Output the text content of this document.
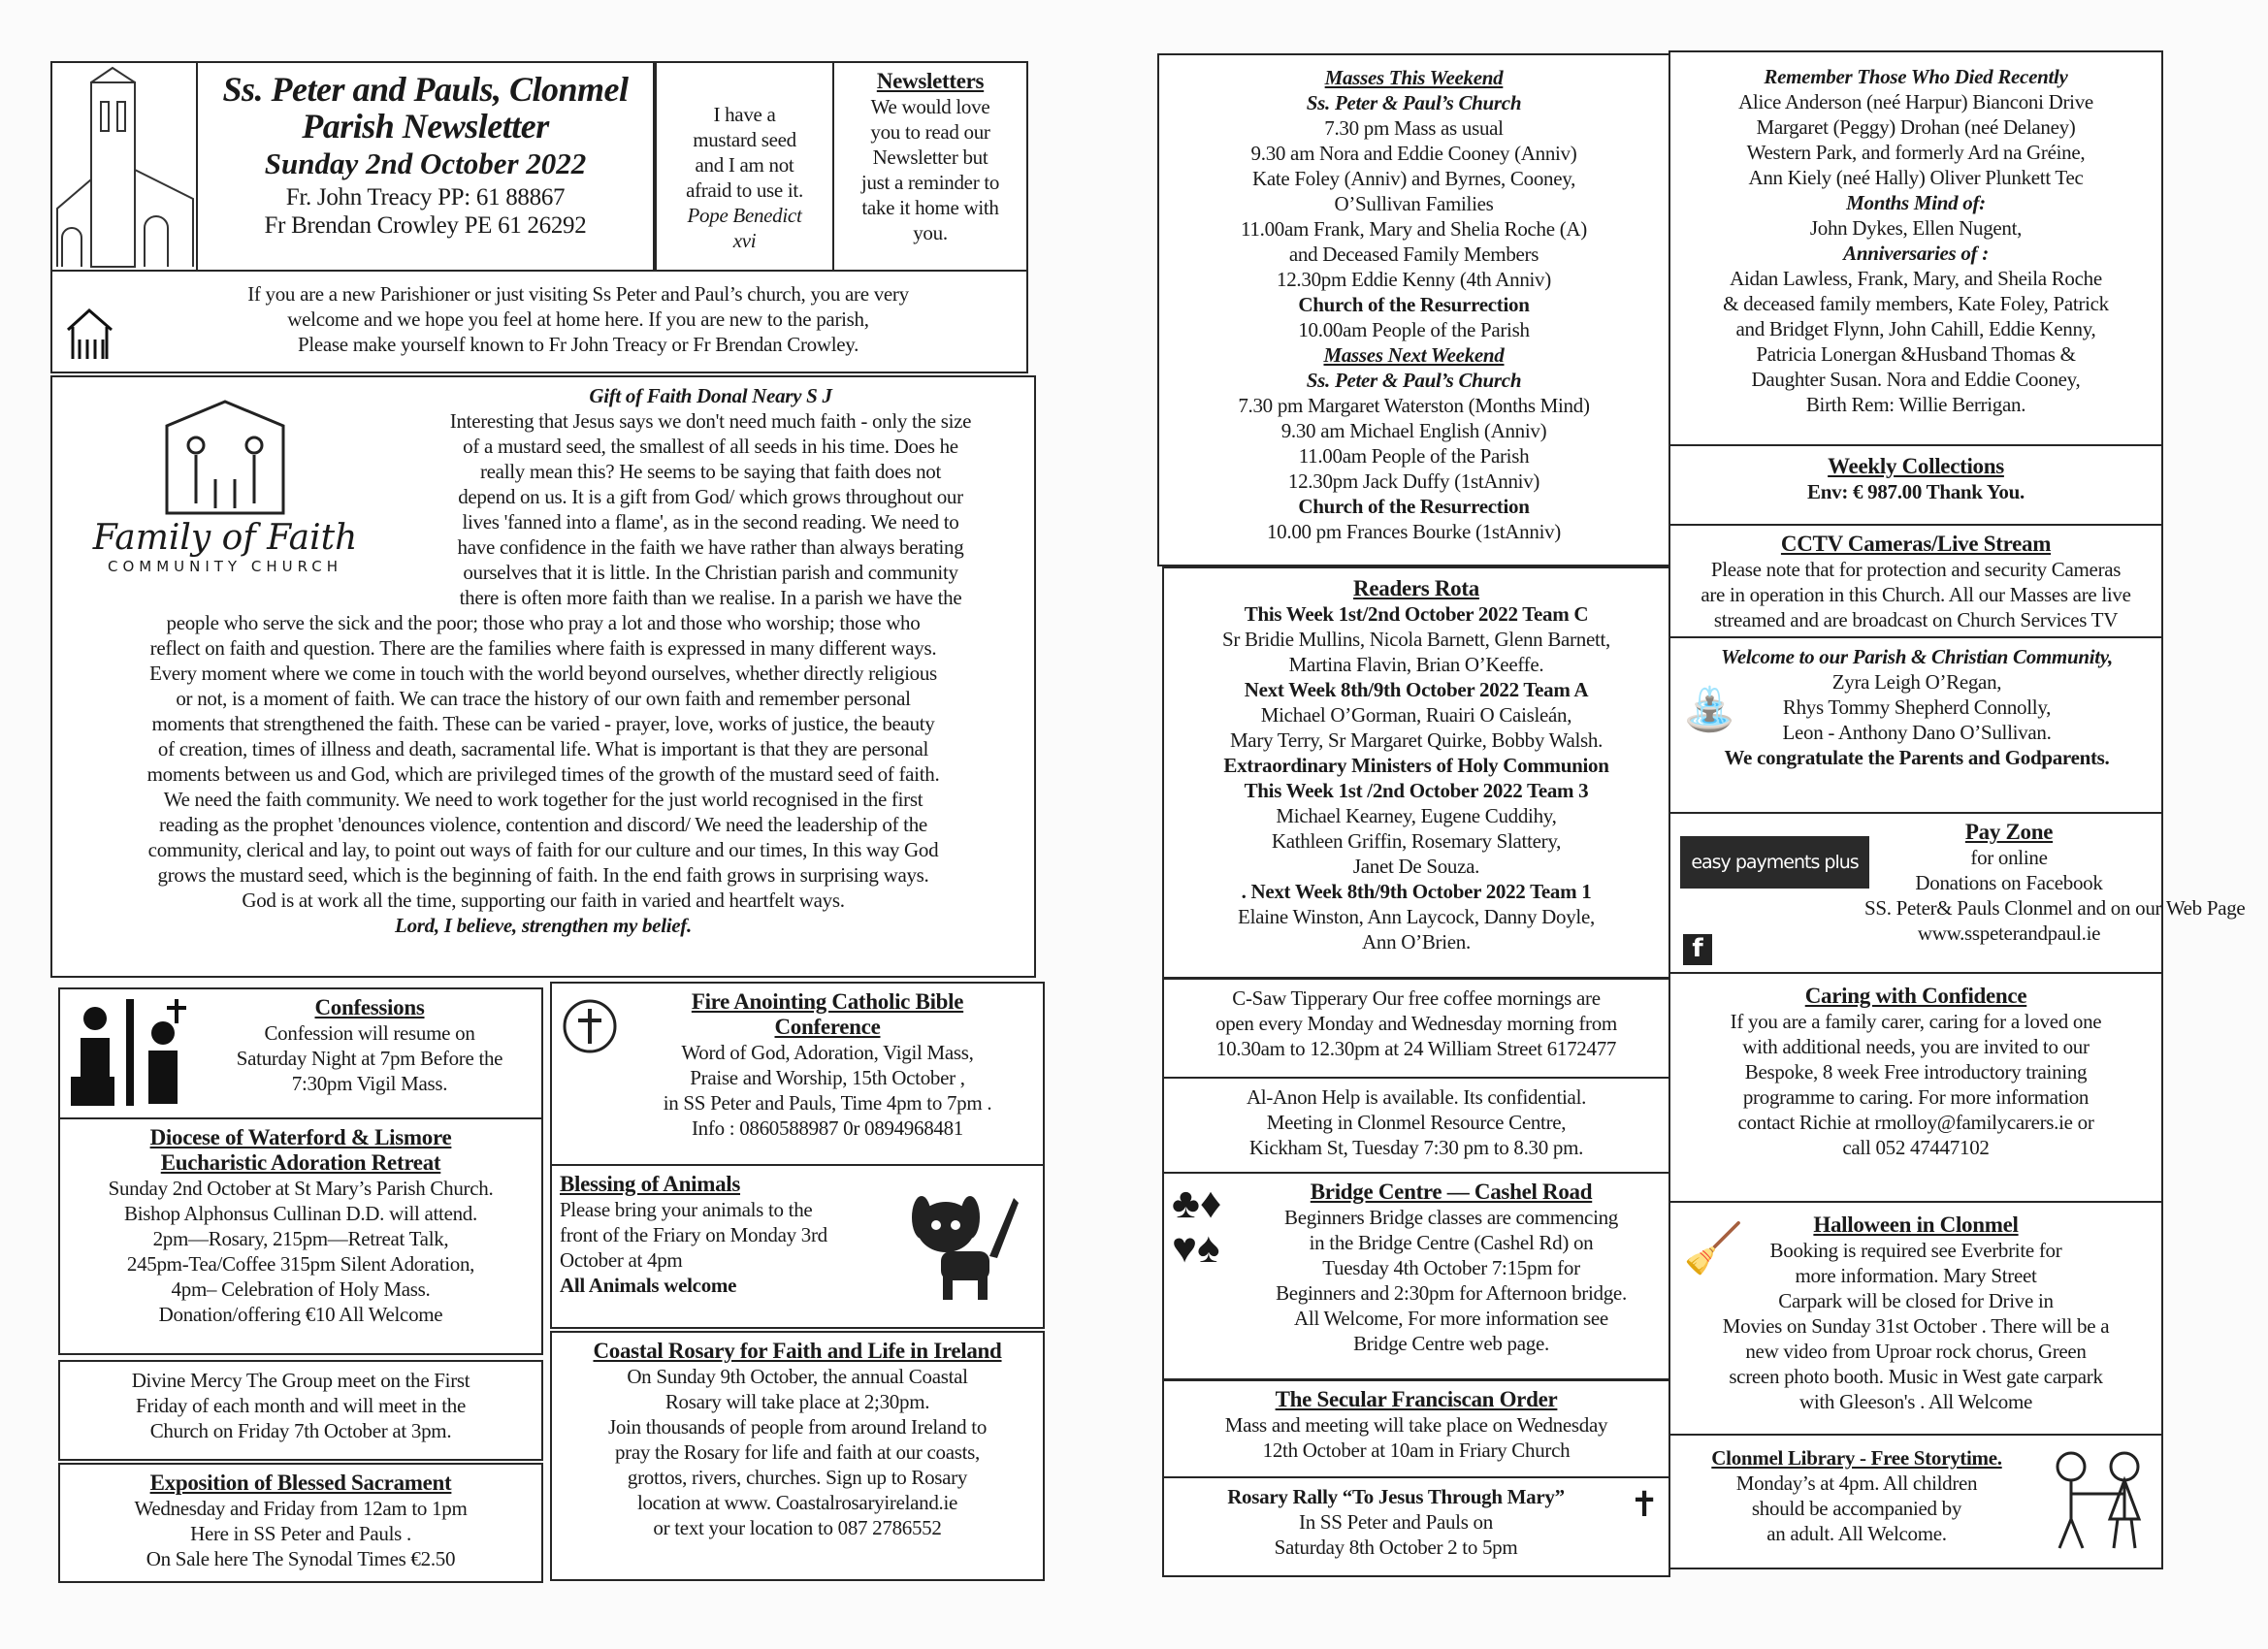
Ss. Peter and Pauls, Clonmel
Parish Newsletter
Sunday 2nd October 2022
Fr. John Treacy PP: 61 88867
Fr Brendan Crowley PE 61 26292
I have a
mustard seed
and I am not
afraid to use it.
Pope Benedict
xvi
Newsletters
We would love
you to read our
Newsletter but
just a reminder to
take it home with
you.
If you are a new Parishioner or just visiting Ss Peter and Paul’s church, you are very
welcome and we hope you feel at home here. If you are new to the parish,
Please make yourself known to Fr John Treacy or Fr Brendan Crowley.
Family of Faith
COMMUNITY CHURCH
Gift of Faith Donal Neary S J
Interesting that Jesus says we don't need much faith - only the size
of a mustard seed, the smallest of all seeds in his time. Does he
really mean this? He seems to be saying that faith does not
depend on us. It is a gift from God/ which grows throughout our
lives 'fanned into a flame', as in the second reading. We need to
have confidence in the faith we have rather than always berating
ourselves that it is little. In the Christian parish and community
there is often more faith than we realise. In a parish we have the
people who serve the sick and the poor; those who pray a lot and those who worship; those who
reflect on faith and question. There are the families where faith is expressed in many different ways.
Every moment where we come in touch with the world beyond ourselves, whether directly religious
or not, is a moment of faith. We can trace the history of our own faith and remember personal
moments that strengthened the faith. These can be varied - prayer, love, works of justice, the beauty
of creation, times of illness and death, sacramental life. What is important is that they are personal
moments between us and God, which are privileged times of the growth of the mustard seed of faith.
We need the faith community. We need to work together for the just world recognised in the first
reading as the prophet 'denounces violence, contention and discord/ We need the leadership of the
community, clerical and lay, to point out ways of faith for our culture and our times, In this way God
grows the mustard seed, which is the beginning of faith. In the end faith grows in surprising ways.
God is at work all the time, supporting our faith in varied and heartfelt ways.
Lord, I believe, strengthen my belief.
Confessions
Confession will resume on
Saturday Night at 7pm Before the
7:30pm Vigil Mass.
Diocese of Waterford & Lismore
Eucharistic Adoration Retreat
Sunday 2nd October at St Mary’s Parish Church.
Bishop Alphonsus Cullinan D.D. will attend.
2pm—Rosary, 215pm—Retreat Talk,
245pm-Tea/Coffee 315pm Silent Adoration,
4pm– Celebration of Holy Mass.
Donation/offering €10 All Welcome
Divine Mercy The Group meet on the First
Friday of each month and will meet in the
Church on Friday 7th October at 3pm.
Exposition of Blessed Sacrament
Wednesday and Friday from 12am to 1pm
Here in SS Peter and Pauls .
On Sale here The Synodal Times €2.50
Fire Anointing Catholic Bible
Conference
Word of God, Adoration, Vigil Mass,
Praise and Worship, 15th October ,
in SS Peter and Pauls, Time 4pm to 7pm .
Info : 0860588987 0r 0894968481
Blessing of Animals
Please bring your animals to the
front of the Friary on Monday 3rd
October at 4pm
All Animals welcome
Coastal Rosary for Faith and Life in Ireland
On Sunday 9th October, the annual Coastal
Rosary will take place at 2;30pm.
Join thousands of people from around Ireland to
pray the Rosary for life and faith at our coasts,
grottos, rivers, churches. Sign up to Rosary
location at www. Coastalrosaryireland.ie
or text your location to 087 2786552
Masses This Weekend
Ss. Peter & Paul’s Church
7.30 pm Mass as usual
9.30 am Nora and Eddie Cooney (Anniv)
Kate Foley (Anniv) and Byrnes, Cooney,
O’Sullivan Families
11.00am Frank, Mary and Shelia Roche (A)
and Deceased Family Members
12.30pm Eddie Kenny (4th Anniv)
Church of the Resurrection
10.00am People of the Parish
Masses Next Weekend
Ss. Peter & Paul’s Church
7.30 pm Margaret Waterston (Months Mind)
9.30 am Michael English (Anniv)
11.00am People of the Parish
12.30pm Jack Duffy (1stAnniv)
Church of the Resurrection
10.00 pm Frances Bourke (1stAnniv)
Readers Rota
This Week 1st/2nd October 2022 Team C
Sr Bridie Mullins, Nicola Barnett, Glenn Barnett,
Martina Flavin, Brian O’Keeffe.
Next Week 8th/9th October 2022 Team A
Michael O’Gorman, Ruairi O Caisleán,
Mary Terry, Sr Margaret Quirke, Bobby Walsh.
Extraordinary Ministers of Holy Communion
This Week 1st /2nd October 2022 Team 3
Michael Kearney, Eugene Cuddihy,
Kathleen Griffin, Rosemary Slattery,
Janet De Souza.
. Next Week 8th/9th October 2022 Team 1
Elaine Winston, Ann Laycock, Danny Doyle,
Ann O’Brien.
C-Saw Tipperary Our free coffee mornings are
open every Monday and Wednesday morning from
10.30am to 12.30pm at 24 William Street 6172477
Al-Anon Help is available. Its confidential.
Meeting in Clonmel Resource Centre,
Kickham St, Tuesday 7:30 pm to 8.30 pm.
Bridge Centre — Cashel Road
Beginners Bridge classes are commencing
in the Bridge Centre (Cashel Rd) on
Tuesday 4th October 7:15pm for
Beginners and 2:30pm for Afternoon bridge.
All Welcome, For more information see
Bridge Centre web page.
♣♦
♥♠
The Secular Franciscan Order
Mass and meeting will take place on Wednesday
12th October at 10am in Friary Church
Rosary Rally “To Jesus Through Mary”
In SS Peter and Pauls on
Saturday 8th October 2 to 5pm
✝
Remember Those Who Died Recently
Alice Anderson (neé Harpur) Bianconi Drive
Margaret (Peggy) Drohan (neé Delaney)
Western Park, and formerly Ard na Gréine,
Ann Kiely (neé Hally) Oliver Plunkett Tec
Months Mind of:
John Dykes, Ellen Nugent,
Anniversaries of :
Aidan Lawless, Frank, Mary, and Sheila Roche
& deceased family members, Kate Foley, Patrick
and Bridget Flynn, John Cahill, Eddie Kenny,
Patricia Lonergan &Husband Thomas &
Daughter Susan. Nora and Eddie Cooney,
Birth Rem: Willie Berrigan.
Weekly Collections
Env: € 987.00 Thank You.
CCTV Cameras/Live Stream
Please note that for protection and security Cameras
are in operation in this Church. All our Masses are live
streamed and are broadcast on Church Services TV
Welcome to our Parish & Christian Community,
Zyra Leigh O’Regan,
Rhys Tommy Shepherd Connolly,
Leon - Anthony Dano O’Sullivan.
We congratulate the Parents and Godparents.
⛲
Pay Zone
for online
Donations on Facebook
SS. Peter& Pauls Clonmel and on our Web Page
www.sspeterandpaul.ie
easy payments plus
f
Caring with Confidence
If you are a family carer, caring for a loved one
with additional needs, you are invited to our
Bespoke, 8 week Free introductory training
programme to caring. For more information
contact Richie at rmolloy@familycarers.ie or
call 052 47447102
Halloween in Clonmel
Booking is required see Everbrite for
more information. Mary Street
Carpark will be closed for Drive in
Movies on Sunday 31st October . There will be a
new video from Uproar rock chorus, Green
screen photo booth. Music in West gate carpark
with Gleeson's . All Welcome
🧹
Clonmel Library - Free Storytime.
Monday’s at 4pm. All children
should be accompanied by
an adult. All Welcome.
